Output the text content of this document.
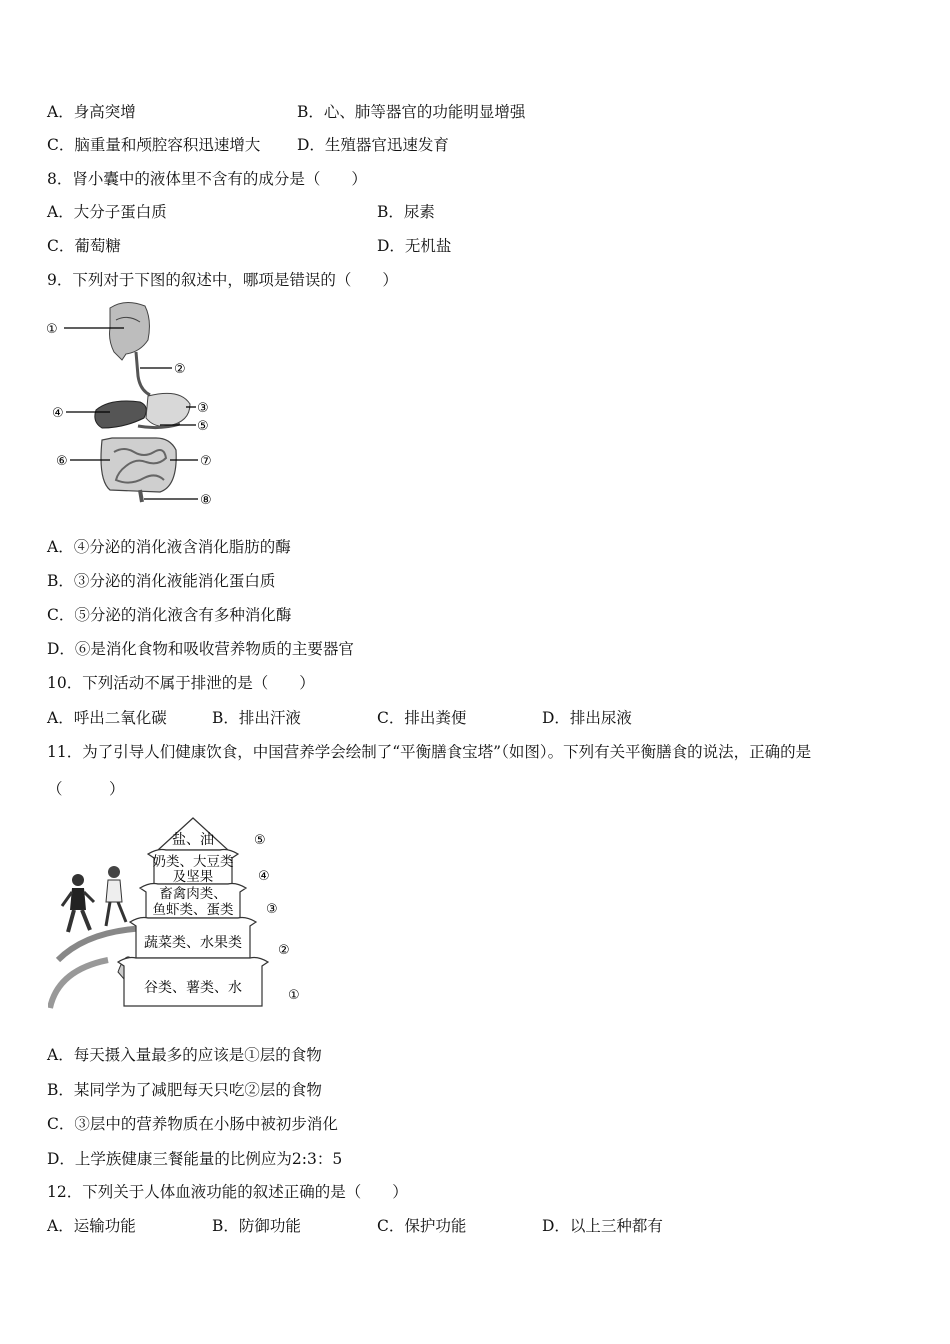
A．身高突增	B．心、肺等器官的功能明显增强
C．脑重量和颅腔容积迅速增大 D．生殖器官迅速发育
8．肾小囊中的液体里不含有的成分是（　　）
A．大分子蛋白质	B．尿素
C．葡萄糖	D．无机盐
9．下列对于下图的叙述中，哪项是错误的（　　）
①
②
③
④
⑤
⑥	⑦
⑧
A．④分泌的消化液含消化脂肪的酶
B．③分泌的消化液能消化蛋白质
C．⑤分泌的消化液含有多种消化酶
D．⑥是消化食物和吸收营养物质的主要器官
10．下列活动不属于排泄的是（　　）
A．呼出二氧化碳	B．排出汗液	C．排出粪便	D．排出尿液
11．为了引导人们健康饮食，中国营养学会绘制了“平衡膳食宝塔”（如图）。下列有关平衡膳食的说法，正确的是
（　　　）
盐、油
奶类、大豆类
及坚果
畜禽肉类、
鱼虾类、蛋类
蔬菜类、水果类
谷类、薯类、水
⑤
④
③
②
①
A．每天摄入量最多的应该是①层的食物
B．某同学为了减肥每天只吃②层的食物
C．③层中的营养物质在小肠中被初步消化
D．上学族健康三餐能量的比例应为2:3：5
12．下列关于人体血液功能的叙述正确的是（　　）
A．运输功能	B．防御功能	C．保护功能	D．以上三种都有
